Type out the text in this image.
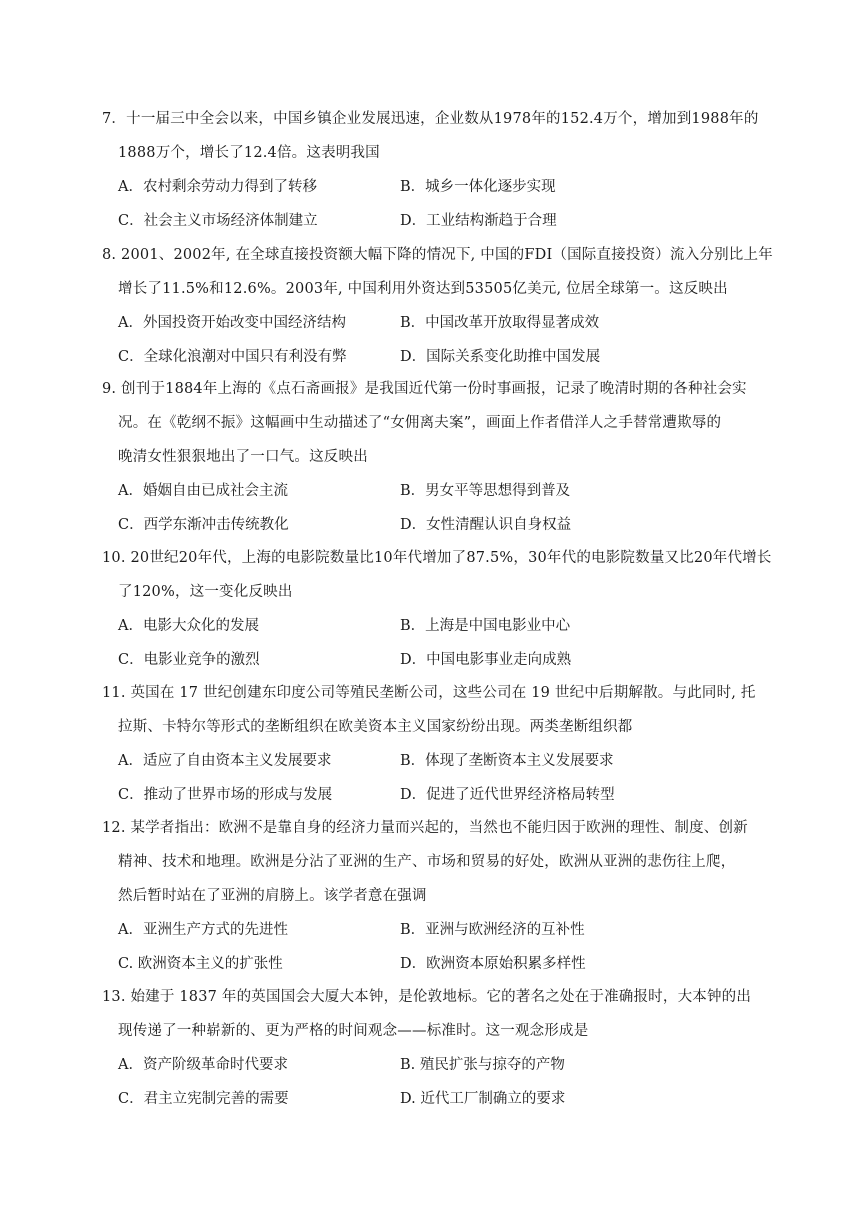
7．十一届三中全会以来，中国乡镇企业发展迅速，企业数从1978年的152.4万个，增加到1988年的
1888万个，增长了12.4倍。这表明我国
A．农村剩余劳动力得到了转移	B．城乡一体化逐步实现
C．社会主义市场经济体制建立	D．工业结构渐趋于合理
8. 2001、2002年, 在全球直接投资额大幅下降的情况下, 中国的FDI（国际直接投资）流入分别比上年
增长了11.5%和12.6%。2003年, 中国利用外资达到53505亿美元, 位居全球第一。这反映出
A．外国投资开始改变中国经济结构	B．中国改革开放取得显著成效
C．全球化浪潮对中国只有利没有弊	D．国际关系变化助推中国发展
9. 创刊于1884年上海的《点石斋画报》是我国近代第一份时事画报，记录了晚清时期的各种社会实
况。在《乾纲不振》这幅画中生动描述了“女佣离夫案”，画面上作者借洋人之手替常遭欺辱的
晚清女性狠狠地出了一口气。这反映出
A．婚姻自由已成社会主流	B．男女平等思想得到普及
C．西学东渐冲击传统教化	D．女性清醒认识自身权益
10. 20世纪20年代，上海的电影院数量比10年代增加了87.5%，30年代的电影院数量又比20年代增长
了120%，这一变化反映出
A．电影大众化的发展	B．上海是中国电影业中心
C．电影业竞争的激烈	D．中国电影事业走向成熟
11. 英国在 17 世纪创建东印度公司等殖民垄断公司，这些公司在 19 世纪中后期解散。与此同时, 托
拉斯、卡特尔等形式的垄断组织在欧美资本主义国家纷纷出现。两类垄断组织都
A．适应了自由资本主义发展要求	B．体现了垄断资本主义发展要求
C．推动了世界市场的形成与发展	D．促进了近代世界经济格局转型
12. 某学者指出：欧洲不是靠自身的经济力量而兴起的，当然也不能归因于欧洲的理性、制度、创新
精神、技术和地理。欧洲是分沾了亚洲的生产、市场和贸易的好处，欧洲从亚洲的悲伤往上爬，
然后暂时站在了亚洲的肩膀上。该学者意在强调
A．亚洲生产方式的先进性	B．亚洲与欧洲经济的互补性
C. 欧洲资本主义的扩张性	D．欧洲资本原始积累多样性
13. 始建于 1837 年的英国国会大厦大本钟，是伦敦地标。它的著名之处在于准确报时，大本钟的出
现传递了一种崭新的、更为严格的时间观念——标准时。这一观念形成是
A．资产阶级革命时代要求	B. 殖民扩张与掠夺的产物
C．君主立宪制完善的需要	D. 近代工厂制确立的要求
